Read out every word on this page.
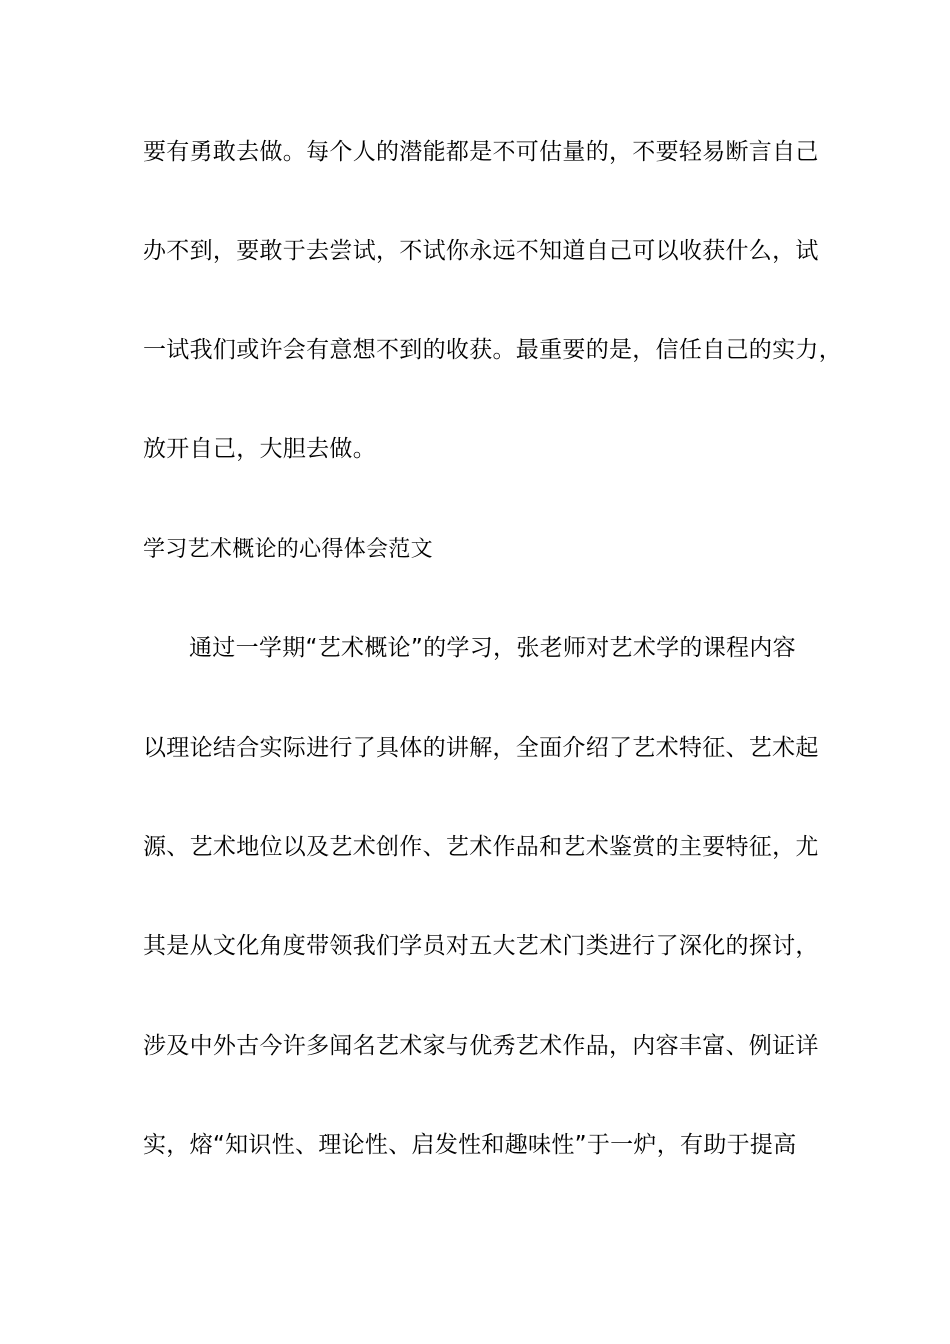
要有勇敢去做。每个人的潜能都是不可估量的，不要轻易断言自己
办不到，要敢于去尝试，不试你永远不知道自己可以收获什么，试
一试我们或许会有意想不到的收获。最重要的是，信任自己的实力，
放开自己，大胆去做。
学习艺术概论的心得体会范文
通过一学期“艺术概论”的学习，张老师对艺术学的课程内容
以理论结合实际进行了具体的讲解，全面介绍了艺术特征、艺术起
源、艺术地位以及艺术创作、艺术作品和艺术鉴赏的主要特征，尤
其是从文化角度带领我们学员对五大艺术门类进行了深化的探讨，
涉及中外古今许多闻名艺术家与优秀艺术作品，内容丰富、例证详
实，熔“知识性、理论性、启发性和趣味性”于一炉，有助于提高
